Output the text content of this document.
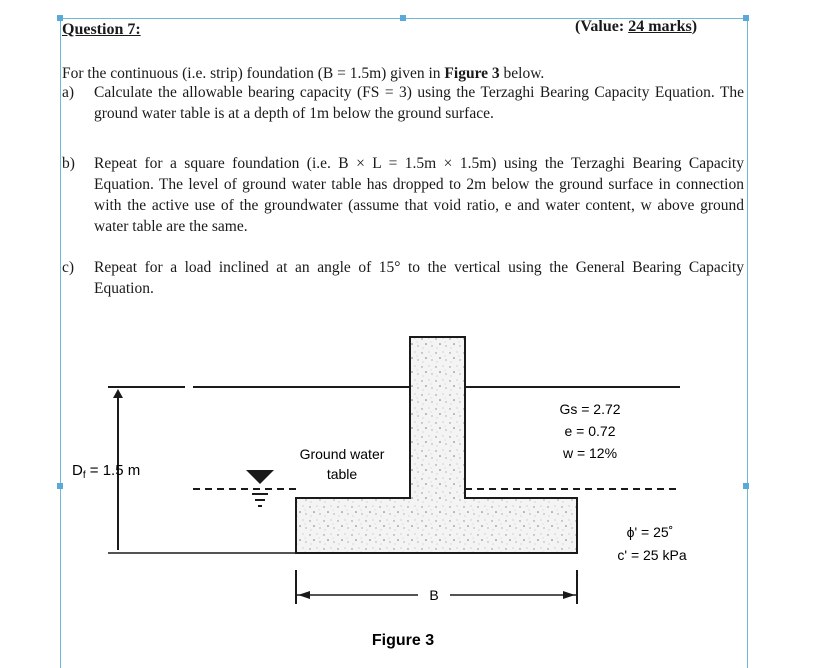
Question 7:	(Value: 24 marks)
For the continuous (i.e. strip) foundation (B = 1.5m) given in Figure 3 below.
a)	Calculate the allowable bearing capacity (FS = 3) using the Terzaghi Bearing Capacity Equation. The ground water table is at a depth of 1m below the ground surface.
b)	Repeat for a square foundation (i.e. B × L = 1.5m × 1.5m) using the Terzaghi Bearing Capacity Equation. The level of ground water table has dropped to 2m below the ground surface in connection with the active use of the groundwater (assume that void ratio, e and water content, w above ground water table are the same.
c)	Repeat for a load inclined at an angle of 15° to the vertical using the General Bearing Capacity Equation.
$D_f = 1.5$ m
Ground water
table
Gs = 2.72
e = 0.72
w = 12%
ϕ' = 25˚
c' = 25 kPa
B
Figure 3
